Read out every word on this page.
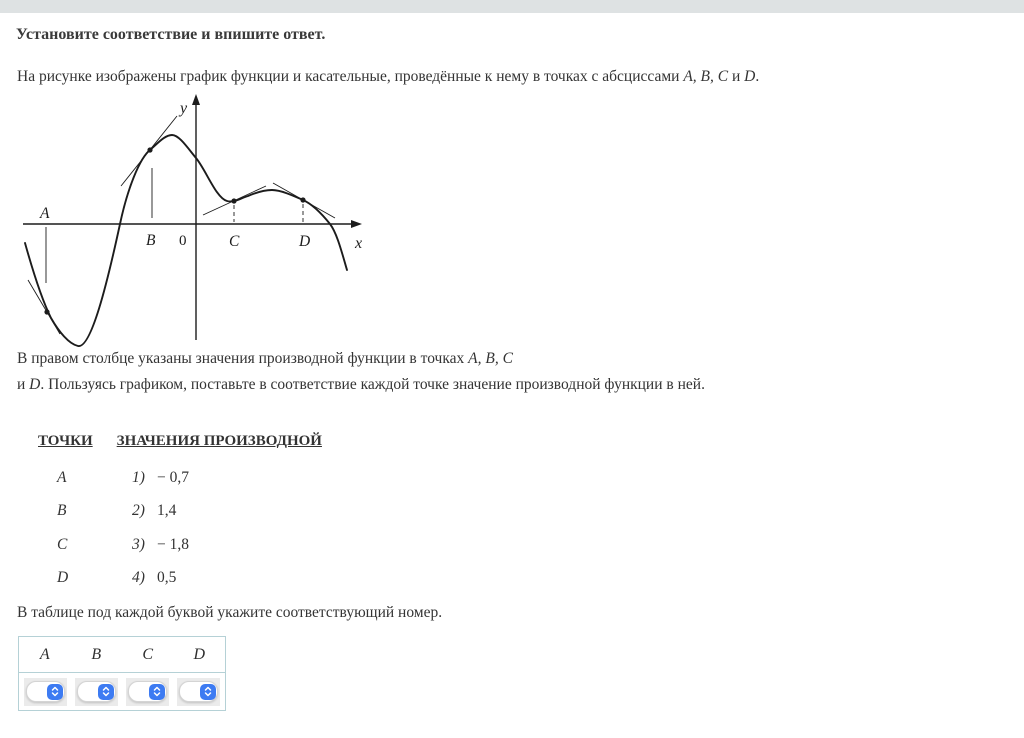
Установите соответствие и впишите ответ.

На рисунке изображены график функции и касательные, проведённые к нему в точках с абсциссами A, B, C и D.

y
x
0
A
B	C	D

В правом столбце указаны значения производной функции в точках A, B, C
и D. Пользуясь графиком, поставьте в соответствие каждой точке значение производной функции в ней.

ТОЧКИ ЗНАЧЕНИЯ ПРОИЗВОДНОЙ
A	1) − 0,7
B	2) 1,4
C	3) − 1,8
D	4) 0,5

В таблице под каждой буквой укажите соответствующий номер.

A	B	C	D
